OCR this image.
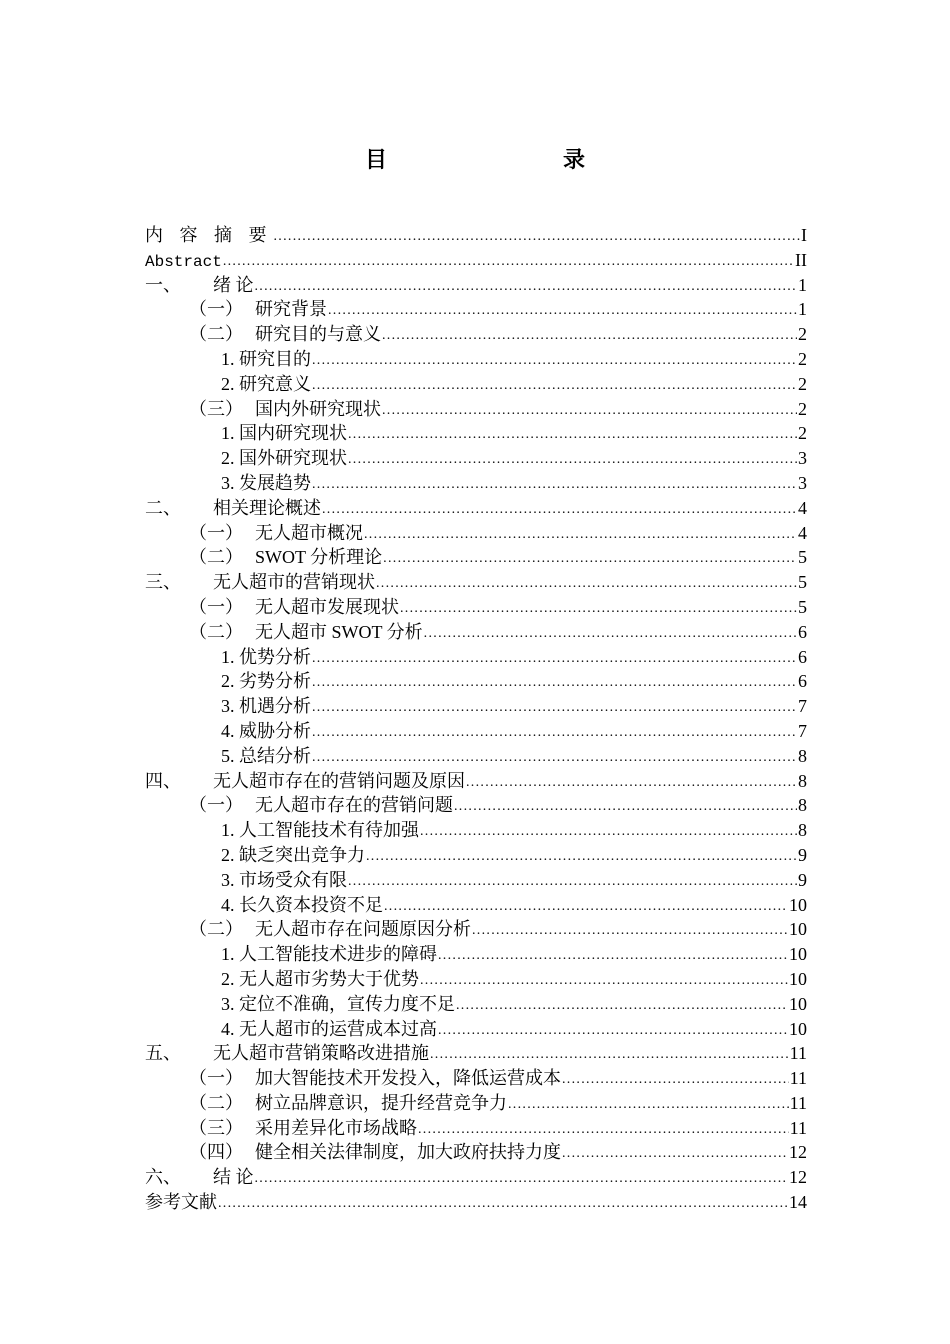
目　　录
内 容 摘 要 .....	I
Abstract .....	II
一、 绪 论 .....	1
（一） 研究背景 .....	1
（二） 研究目的与意义 .....	2
1. 研究目的 .....	2
2. 研究意义 .....	2
（三） 国内外研究现状 .....	2
1. 国内研究现状 .....	2
2. 国外研究现状 .....	3
3. 发展趋势 .....	3
二、 相关理论概述 .....	4
（一） 无人超市概况 .....	4
（二） SWOT 分析理论 .....	5
三、 无人超市的营销现状 .....	5
（一） 无人超市发展现状 .....	5
（二） 无人超市 SWOT 分析 .....	6
1. 优势分析 .....	6
2. 劣势分析 .....	6
3. 机遇分析 .....	7
4. 威胁分析 .....	7
5. 总结分析 .....	8
四、 无人超市存在的营销问题及原因 .....	8
（一） 无人超市存在的营销问题 .....	8
1. 人工智能技术有待加强 .....	8
2. 缺乏突出竞争力 .....	9
3. 市场受众有限 .....	9
4. 长久资本投资不足 .....	10
（二） 无人超市存在问题原因分析 .....	10
1. 人工智能技术进步的障碍 .....	10
2. 无人超市劣势大于优势 .....	10
3. 定位不准确，宣传力度不足 .....	10
4. 无人超市的运营成本过高 .....	10
五、 无人超市营销策略改进措施 .....	11
（一） 加大智能技术开发投入，降低运营成本 .....	11
（二） 树立品牌意识，提升经营竞争力 .....	11
（三） 采用差异化市场战略 .....	11
（四） 健全相关法律制度，加大政府扶持力度 .....	12
六、 结 论 .....	12
参考文献 .....	14
